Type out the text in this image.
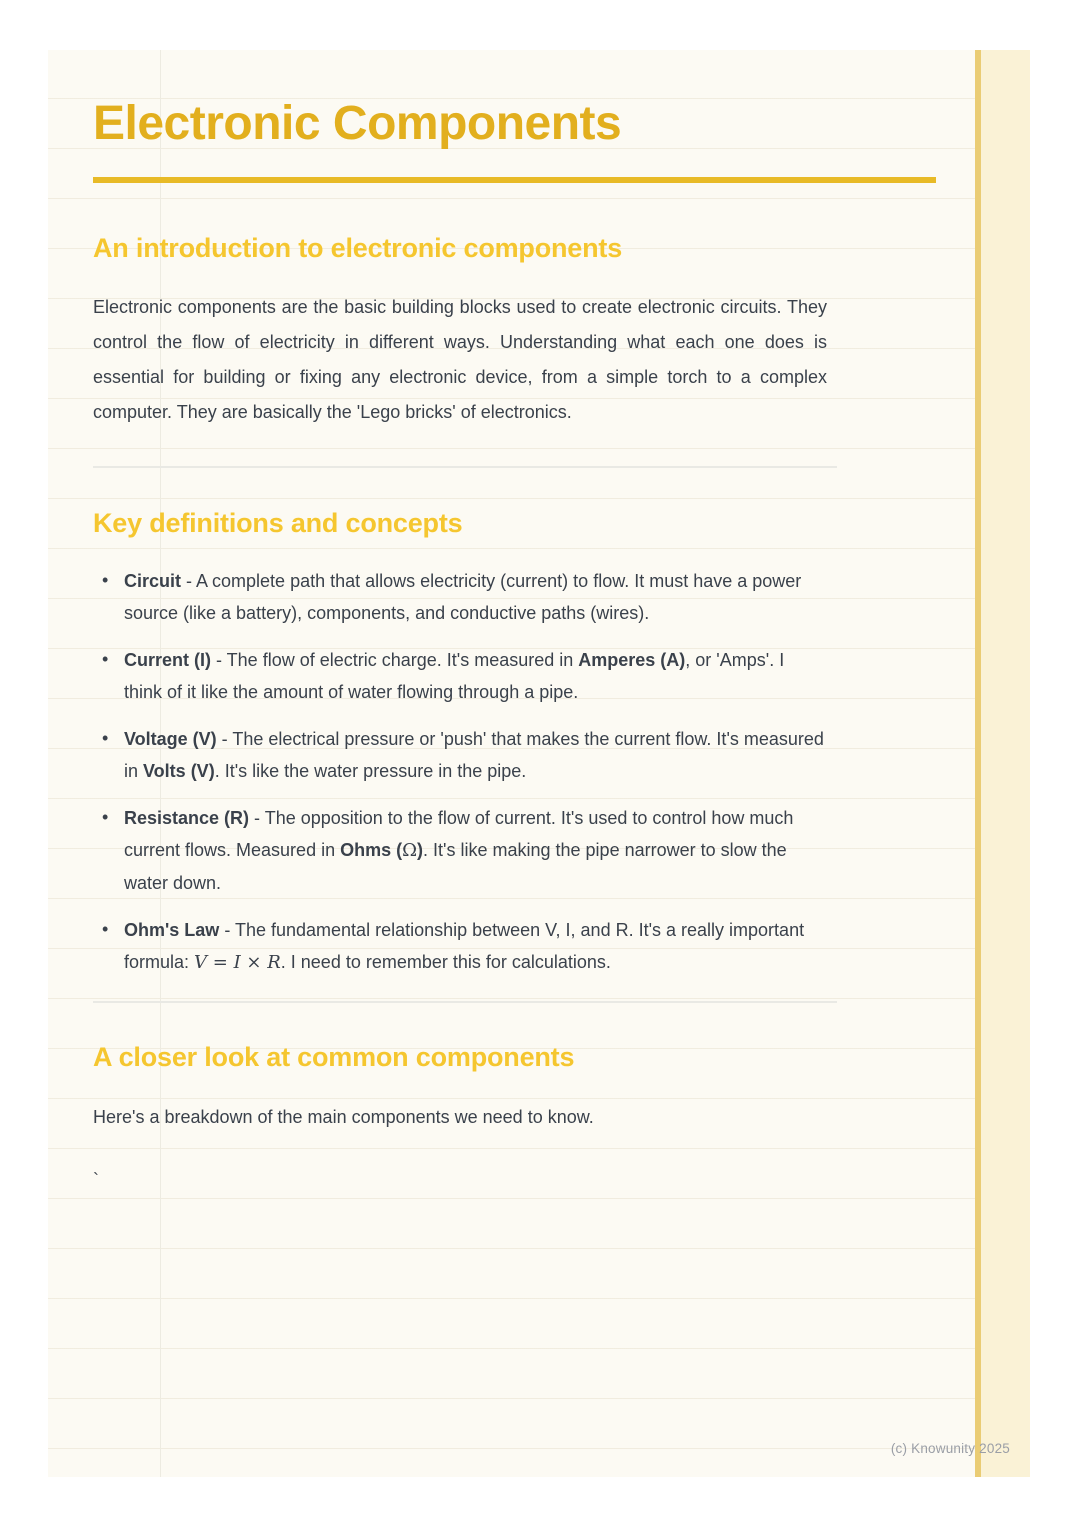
Electronic Components
An introduction to electronic components

Electronic components are the basic building blocks used to create electronic circuits. They control the flow of electricity in different ways. Understanding what each one does is essential for building or fixing any electronic device, from a simple torch to a complex computer. They are basically the 'Lego bricks' of electronics.

Key definitions and concepts
• Circuit - A complete path that allows electricity (current) to flow. It must have a power source (like a battery), components, and conductive paths (wires).
• Current (I) - The flow of electric charge. It's measured in Amperes (A), or 'Amps'. I think of it like the amount of water flowing through a pipe.
• Voltage (V) - The electrical pressure or 'push' that makes the current flow. It's measured in Volts (V). It's like the water pressure in the pipe.
• Resistance (R) - The opposition to the flow of current. It's used to control how much current flows. Measured in Ohms (Ω). It's like making the pipe narrower to slow the water down.
• Ohm's Law - The fundamental relationship between V, I, and R. It's a really important formula: V = I × R. I need to remember this for calculations.
A closer look at common components

Here's a breakdown of the main components we need to know.

`
(c) Knowunity 2025
